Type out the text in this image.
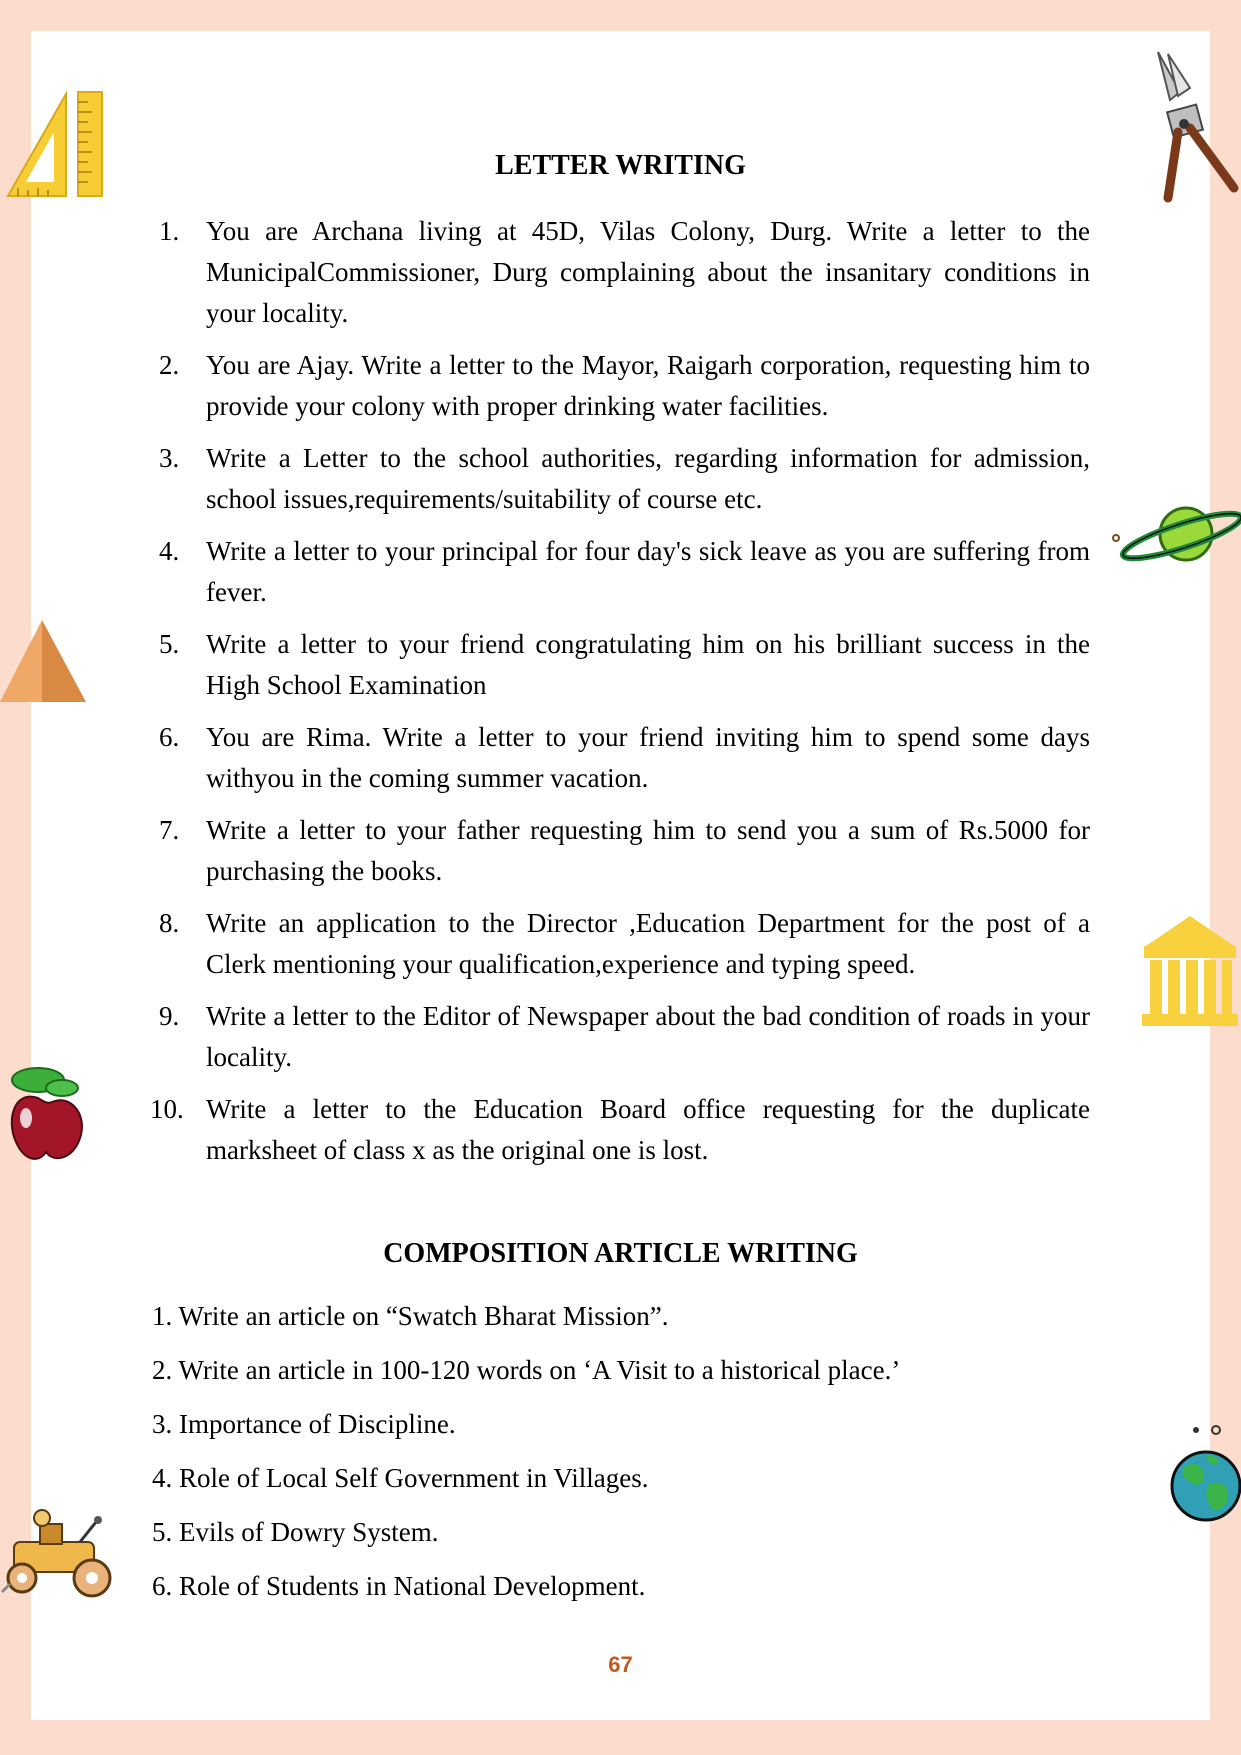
LETTER WRITING
1. You are Archana living at 45D, Vilas Colony, Durg. Write a letter to the MunicipalCommissioner, Durg complaining about the insanitary conditions in your locality.
2. You are Ajay. Write a letter to the Mayor, Raigarh corporation, requesting him to provide your colony with proper drinking water facilities.
3. Write a Letter to the school authorities, regarding information for admission, school issues,requirements/suitability of course etc.
4. Write a letter to your principal for four day's sick leave as you are suffering from fever.
5. Write a letter to your friend congratulating him on his brilliant success in the High School Examination
6. You are Rima. Write a letter to your friend inviting him to spend some days withyou in the coming summer vacation.
7. Write a letter to your father requesting him to send you a sum of Rs.5000 for purchasing the books.
8. Write an application to the Director ,Education Department for the post of a Clerk mentioning your qualification,experience and typing speed.
9. Write a letter to the Editor of Newspaper about the bad condition of roads in your locality.
10. Write a letter to the Education Board office requesting for the duplicate marksheet of class x as the original one is lost.
COMPOSITION ARTICLE WRITING
1. Write an article on “Swatch Bharat Mission”.
2. Write an article in 100-120 words on ‘A Visit to a historical place.’
3. Importance of Discipline.
4. Role of Local Self Government in Villages.
5. Evils of Dowry System.
6. Role of Students in National Development.
67
